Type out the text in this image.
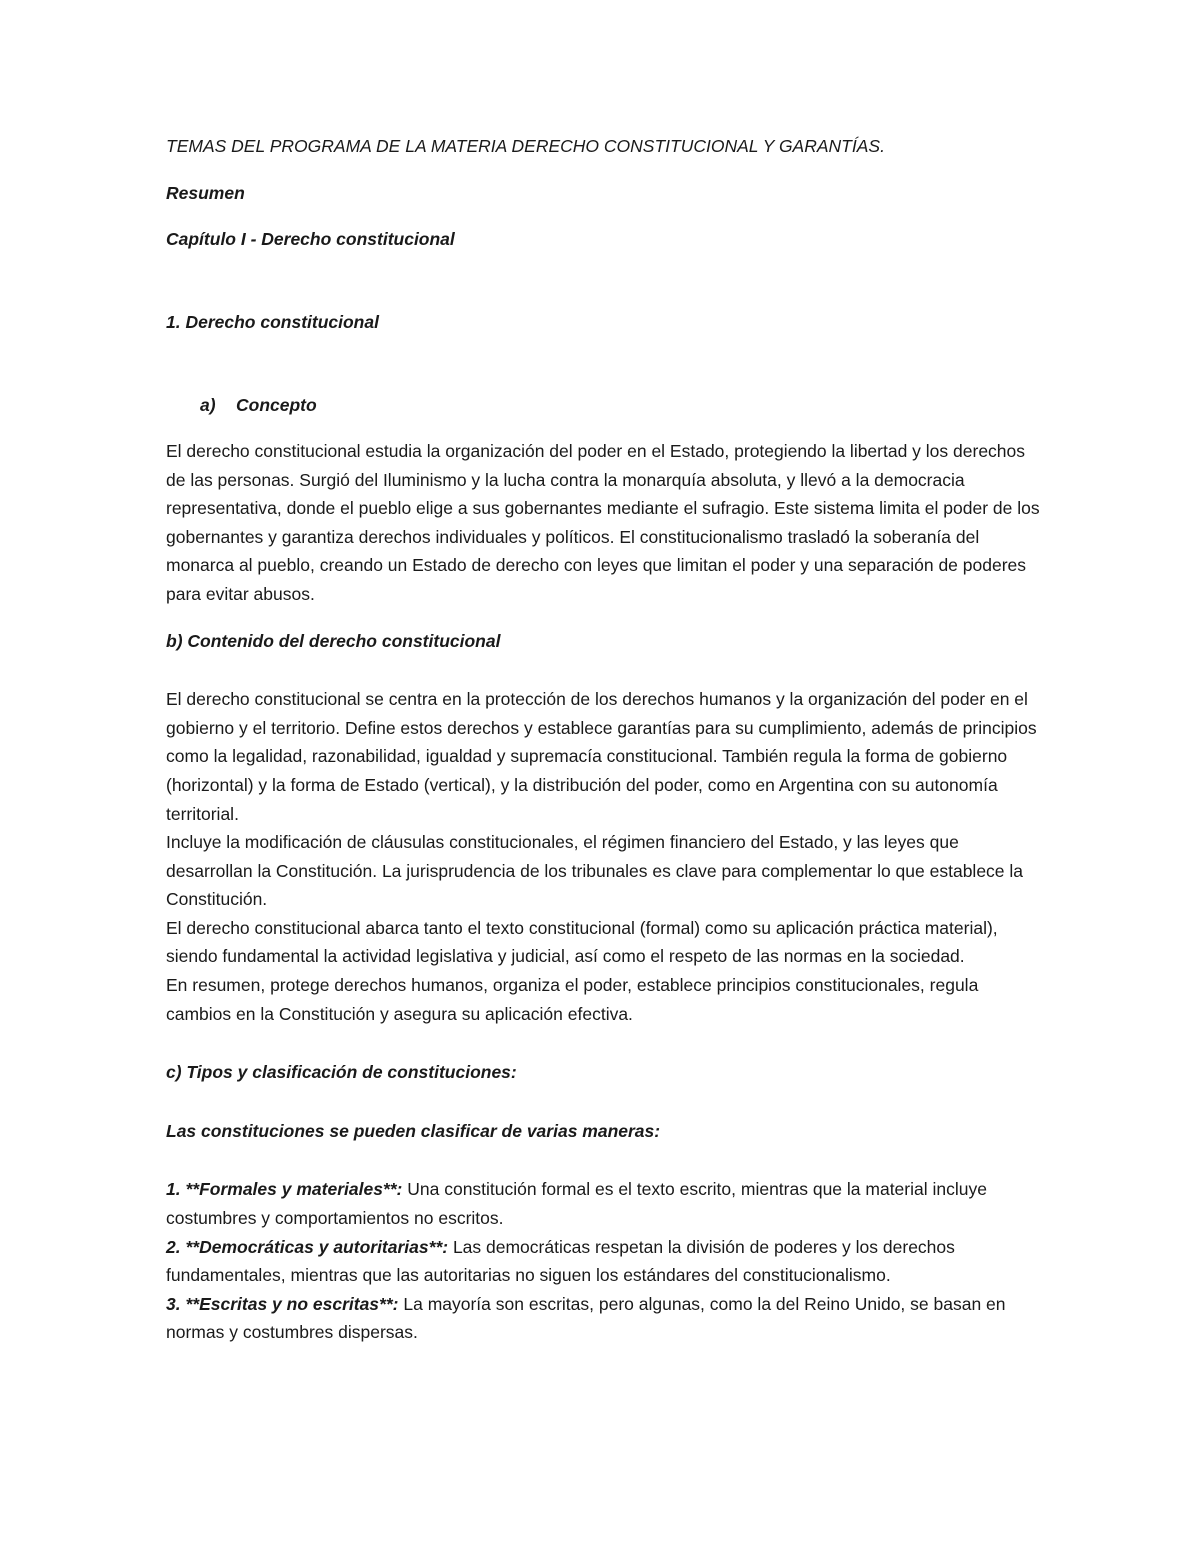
TEMAS DEL PROGRAMA DE LA MATERIA DERECHO CONSTITUCIONAL Y GARANTÍAS.

Resumen

Capítulo I - Derecho constitucional

1. Derecho constitucional

a) Concepto

El derecho constitucional estudia la organización del poder en el Estado, protegiendo la libertad y los derechos de las personas. Surgió del Iluminismo y la lucha contra la monarquía absoluta, y llevó a la democracia representativa, donde el pueblo elige a sus gobernantes mediante el sufragio. Este sistema limita el poder de los gobernantes y garantiza derechos individuales y políticos. El constitucionalismo trasladó la soberanía del monarca al pueblo, creando un Estado de derecho con leyes que limitan el poder y una separación de poderes para evitar abusos.

b) Contenido del derecho constitucional

El derecho constitucional se centra en la protección de los derechos humanos y la organización del poder en el gobierno y el territorio. Define estos derechos y establece garantías para su cumplimiento, además de principios como la legalidad, razonabilidad, igualdad y supremacía constitucional. También regula la forma de gobierno (horizontal) y la forma de Estado (vertical), y la distribución del poder, como en Argentina con su autonomía territorial.

Incluye la modificación de cláusulas constitucionales, el régimen financiero del Estado, y las leyes que desarrollan la Constitución. La jurisprudencia de los tribunales es clave para complementar lo que establece la Constitución.

El derecho constitucional abarca tanto el texto constitucional (formal) como su aplicación práctica material), siendo fundamental la actividad legislativa y judicial, así como el respeto de las normas en la sociedad.

En resumen, protege derechos humanos, organiza el poder, establece principios constitucionales, regula cambios en la Constitución y asegura su aplicación efectiva.

c) Tipos y clasificación de constituciones:

Las constituciones se pueden clasificar de varias maneras:

1. **Formales y materiales**: Una constitución formal es el texto escrito, mientras que la material incluye costumbres y comportamientos no escritos.

2. **Democráticas y autoritarias**: Las democráticas respetan la división de poderes y los derechos fundamentales, mientras que las autoritarias no siguen los estándares del constitucionalismo.

3. **Escritas y no escritas**: La mayoría son escritas, pero algunas, como la del Reino Unido, se basan en normas y costumbres dispersas.
